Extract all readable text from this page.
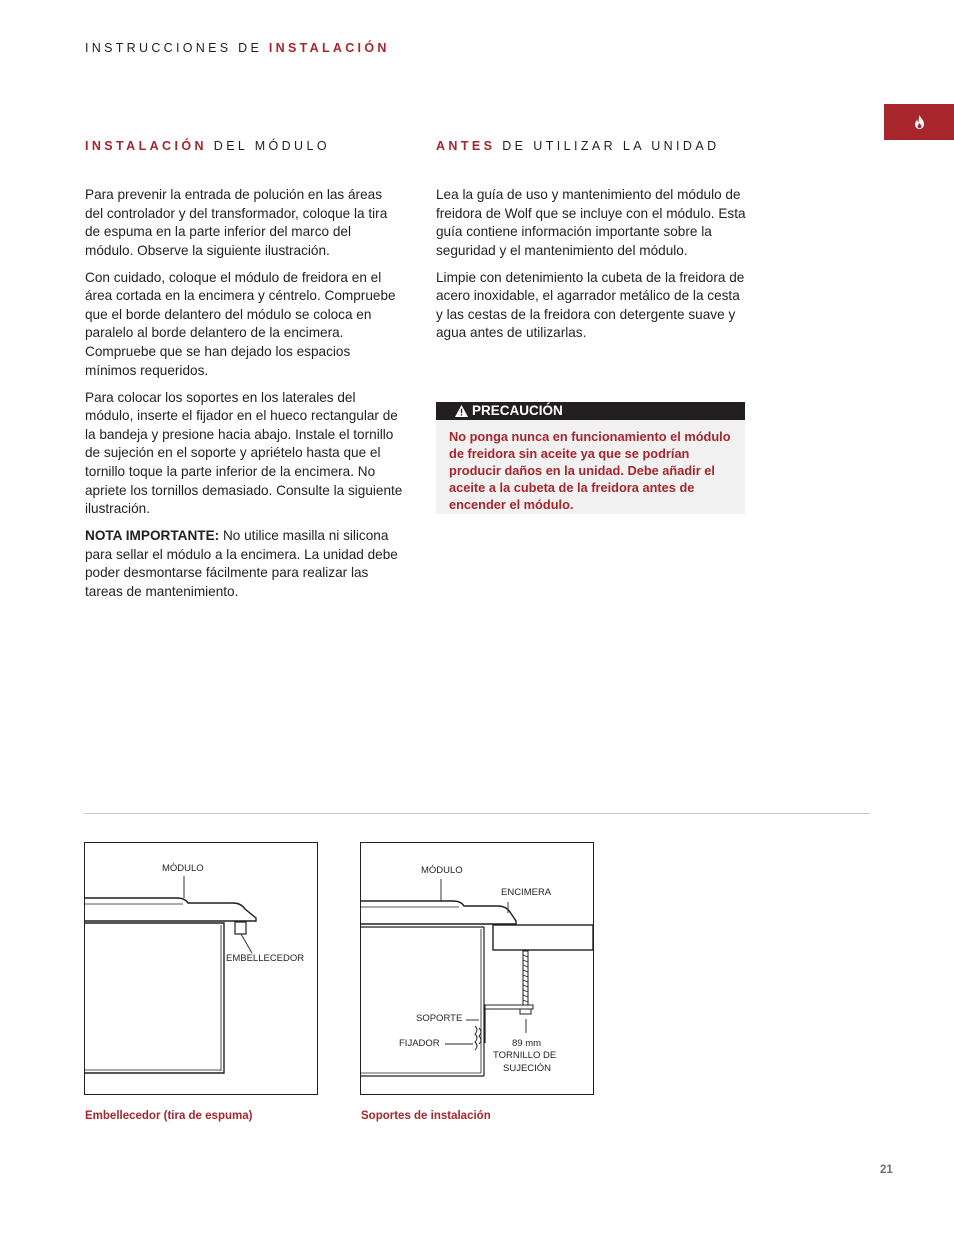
INSTRUCCIONES DE INSTALACIÓN
INSTALACIÓN DEL MÓDULO	ANTES DE UTILIZAR LA UNIDAD

Para prevenir la entrada de polución en las áreas del controlador y del transformador, coloque la tira de espuma en la parte inferior del marco del módulo. Observe la siguiente ilustración.

Con cuidado, coloque el módulo de freidora en el área cortada en la encimera y céntrelo. Compruebe que el borde delantero del módulo se coloca en paralelo al borde delantero de la encimera. Compruebe que se han dejado los espacios mínimos requeridos.

Para colocar los soportes en los laterales del módulo, inserte el fijador en el hueco rectangular de la bandeja y presione hacia abajo. Instale el tornillo de sujeción en el soporte y apriételo hasta que el tornillo toque la parte inferior de la encimera. No apriete los tornillos demasiado. Consulte la siguiente ilustración.

NOTA IMPORTANTE: No utilice masilla ni silicona para sellar el módulo a la encimera. La unidad debe poder desmontarse fácilmente para realizar las tareas de mantenimiento.

Lea la guía de uso y mantenimiento del módulo de freidora de Wolf que se incluye con el módulo. Esta guía contiene información importante sobre la seguridad y el mantenimiento del módulo.

Limpie con detenimiento la cubeta de la freidora de acero inoxidable, el agarrador metálico de la cesta y las cestas de la freidora con detergente suave y agua antes de utilizarlas.

PRECAUCIÓN
No ponga nunca en funcionamiento el módulo de freidora sin aceite ya que se podrían producir daños en la unidad. Debe añadir el aceite a la cubeta de la freidora antes de encender el módulo.
MÓDULO
EMBELLECEDOR
Embellecedor (tira de espuma)
MÓDULO
ENCIMERA
SOPORTE
FIJADOR	89 mm
TORNILLO DE
SUJECIÓN
Soportes de instalación
21
